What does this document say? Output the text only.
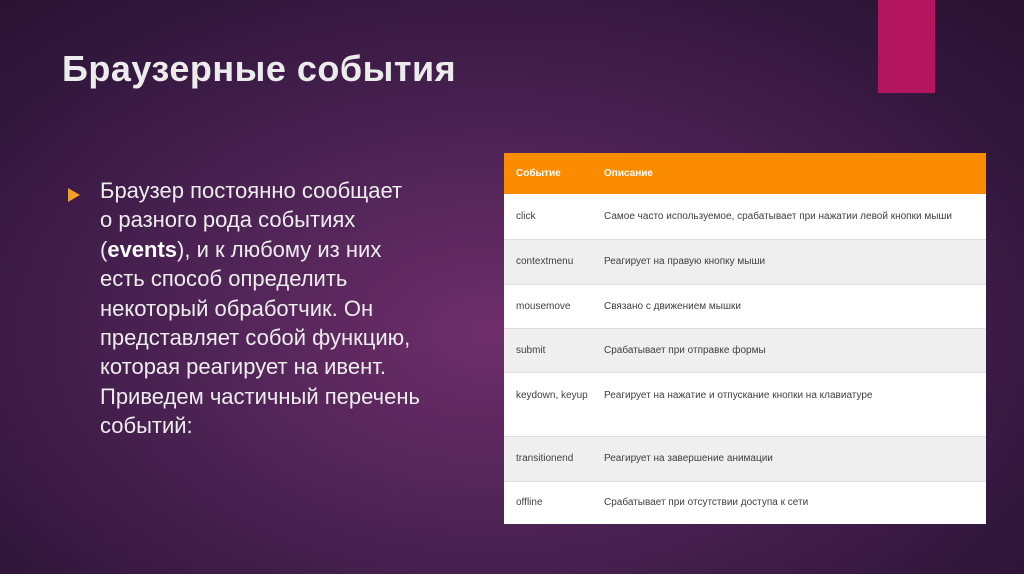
Браузерные события
Браузер постоянно сообщает о разного рода событиях (events), и к любому из них есть способ определить некоторый обработчик. Он представляет собой функцию, которая реагирует на ивент. Приведем частичный перечень событий:
Событие	Описание
click	Самое часто используемое, срабатывает при нажатии левой кнопки мыши
contextmenu	Реагирует на правую кнопку мыши
mousemove	Связано с движением мышки
submit	Срабатывает при отправке формы
keydown, keyup	Реагирует на нажатие и отпускание кнопки на клавиатуре
transitionend	Реагирует на завершение анимации
offline	Срабатывает при отсутствии доступа к сети
